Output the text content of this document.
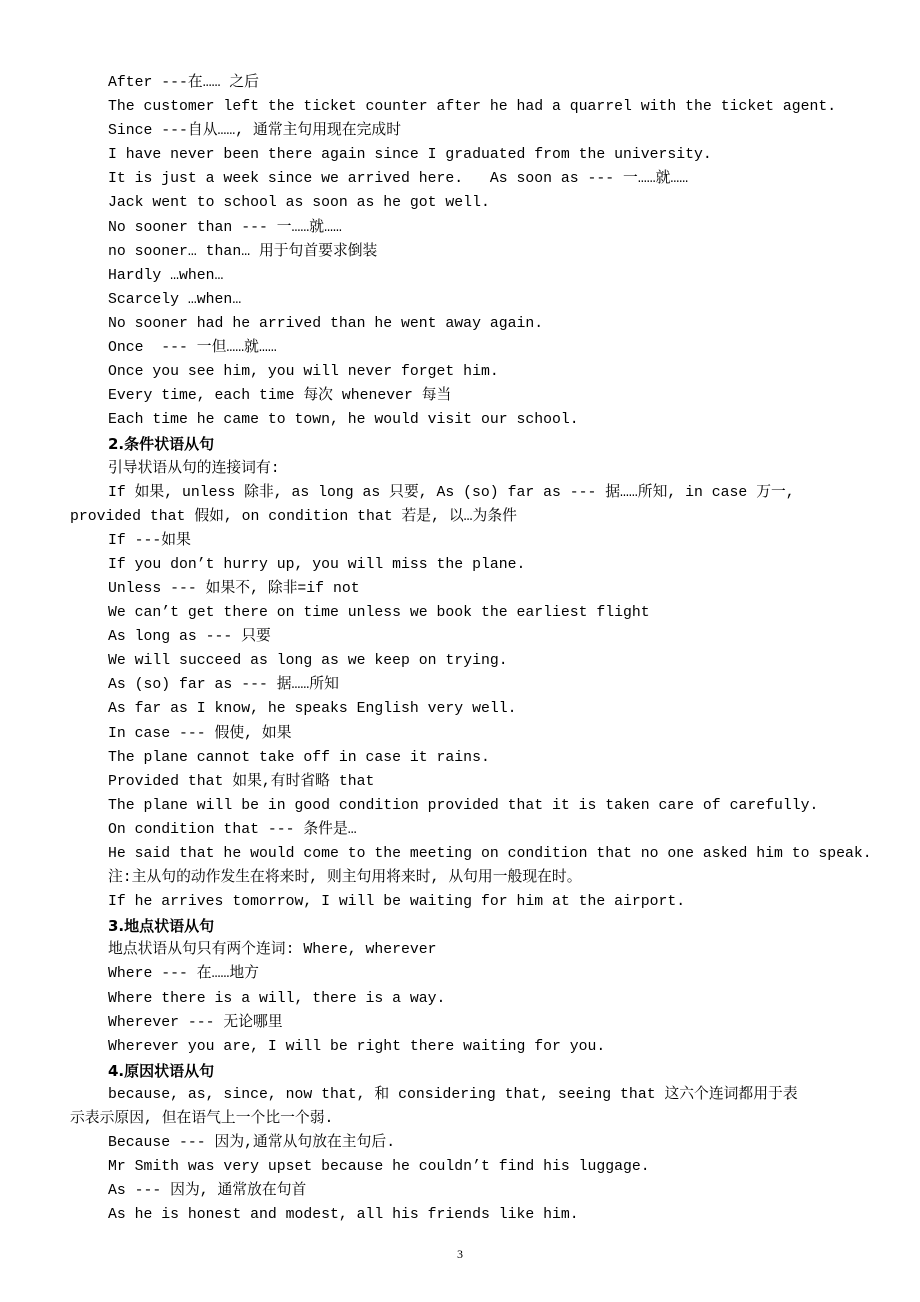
After ---在…… 之后
The customer left the ticket counter after he had a quarrel with the ticket agent.
Since ---自从……, 通常主句用现在完成时
I have never been there again since I graduated from the university.
It is just a week since we arrived here.   As soon as --- 一……就……
Jack went to school as soon as he got well.
No sooner than --- 一……就……
no sooner… than… 用于句首要求倒装
Hardly …when…
Scarcely …when…
No sooner had he arrived than he went away again.
Once  --- 一但……就……
Once you see him, you will never forget him.
Every time, each time 每次 whenever 每当
Each time he came to town, he would visit our school.
2.条件状语从句
引导状语从句的连接词有:
If 如果, unless 除非, as long as 只要, As (so) far as --- 据……所知, in case 万一,
provided that 假如, on condition that 若是, 以…为条件
If ---如果
If you don’t hurry up, you will miss the plane.
Unless --- 如果不, 除非=if not
We can’t get there on time unless we book the earliest flight
As long as --- 只要
We will succeed as long as we keep on trying.
As (so) far as --- 据……所知
As far as I know, he speaks English very well.
In case --- 假使, 如果
The plane cannot take off in case it rains.
Provided that 如果,有时省略 that
The plane will be in good condition provided that it is taken care of carefully.
On condition that --- 条件是…
He said that he would come to the meeting on condition that no one asked him to speak.
注:主从句的动作发生在将来时, 则主句用将来时, 从句用一般现在时。
If he arrives tomorrow, I will be waiting for him at the airport.
3.地点状语从句
地点状语从句只有两个连词: Where, wherever
Where --- 在……地方
Where there is a will, there is a way.
Wherever --- 无论哪里
Wherever you are, I will be right there waiting for you.
4.原因状语从句
because, as, since, now that, 和 considering that, seeing that 这六个连词都用于表
示表示原因, 但在语气上一个比一个弱.
Because --- 因为,通常从句放在主句后.
Mr Smith was very upset because he couldn’t find his luggage.
As --- 因为, 通常放在句首
As he is honest and modest, all his friends like him.
3
